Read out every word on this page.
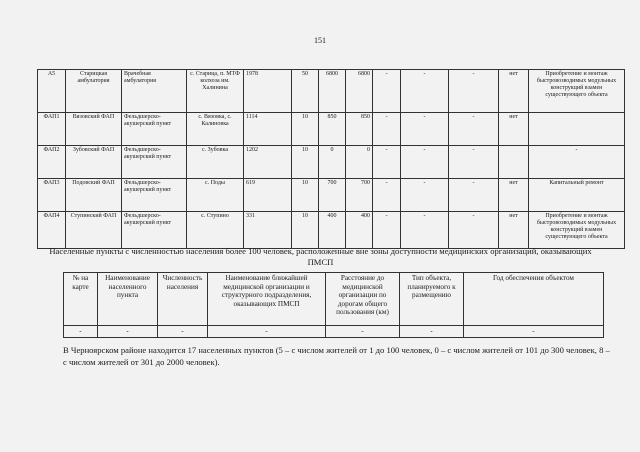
151
А5	Старицкая амбулатория	Врачебная амбулатория	с. Старица, п. МТФ колхоза им. Халинина	1978	50	6800	6800	-	-	-	нет	Приобретение и монтаж быстровозводимых модульных конструкций взамен существующего объекта
ФАП1	Вязовский ФАП	Фельдшерско-акушерский пункт	с. Вязовка, с. Калиновка	1114	10	850	850	-	-	-	нет	
ФАП2	Зубовский ФАП	Фельдшерско-акушерский пункт	с. Зубовка	1202	10	0	0	-	-	-		-
ФАП3	Подовский ФАП	Фельдшерско-акушерский пункт	с. Поды	619	10	700	700	-	-	-	нет	Капитальный ремонт
ФАП4	Ступинский ФАП	Фельдшерско-акушерский пункт	с. Ступино	331	10	400	400	-	-	-	нет	Приобретение и монтаж быстровозводимых модульных конструкций взамен существующего объекта
Населенные пункты с численностью населения более 100 человек, расположенные вне зоны доступности медицинских организаций, оказывающих ПМСП
№ на карте	Наименование населенного пункта	Численность населения	Наименование ближайшей медицинской организации и структурного подразделения, оказывающих ПМСП	Расстояние до медицинской организации по дорогам общего пользования (км)	Тип объекта, планируемого к размещению	Год обеспечения объектом
-	-	-	-	-	-	-
В Черноярском районе находится 17 населенных пунктов (5 – с числом жителей от 1 до 100 человек, 0 – с числом жителей от 101 до 300 человек, 8 – с числом жителей от 301 до 2000 человек).
